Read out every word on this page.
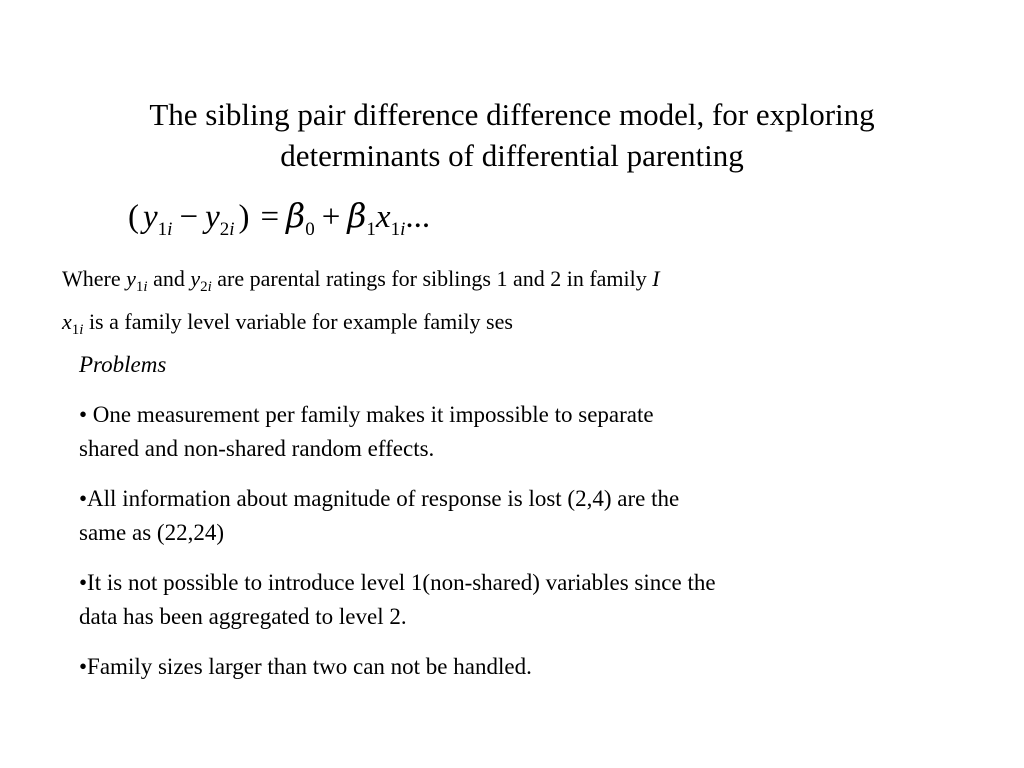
The sibling pair difference difference model, for exploring
determinants of differential parenting
( $y_{1i} - y_{2i}$ ) = $\beta_0 + \beta_1x_{1i}$...
Where $y_{1i}$ and $y_{2i}$ are parental ratings for siblings 1 and 2 in family I
$x_{1i}$ is a family level variable for example family ses
Problems
• One measurement per family makes it impossible to separate
shared and non-shared random effects.
•All information about magnitude of response is lost (2,4) are the
same as (22,24)
•It is not possible to introduce level 1(non-shared) variables since the
data has been aggregated to level 2.
•Family sizes larger than two can not be handled.
